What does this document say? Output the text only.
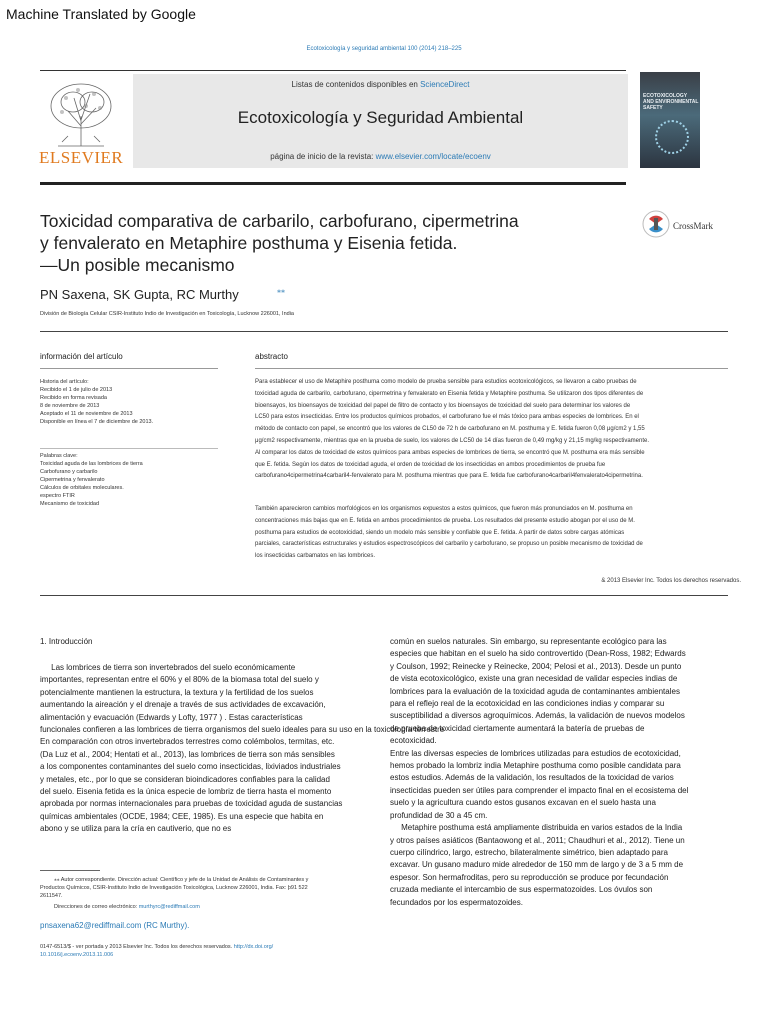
Machine Translated by Google
Ecotoxicología y seguridad ambiental 100 (2014) 218–225
ELSEVIER
Listas de contenidos disponibles en ScienceDirect
Ecotoxicología y Seguridad Ambiental
página de inicio de la revista: www.elsevier.com/locate/ecoenv
ECOTOXICOLOGY AND ENVIRONMENTAL SAFETY
Toxicidad comparativa de carbarilo, carbofurano, cipermetrina
y fenvalerato en Metaphire posthuma y Eisenia fetida.
—Un posible mecanismo
CrossMark
PN Saxena, SK Gupta, RC Murthy	⁎⁎
División de Biología Celular CSIR-Instituto Indio de Investigación en Toxicología, Lucknow 226001, India
información del artículo
Historia del artículo:
Recibido el 1 de julio de 2013
Recibido en forma revisada
8 de noviembre de 2013
Aceptado el 11 de noviembre de 2013
Disponible en línea el 7 de diciembre de 2013.
Palabras clave:
Toxicidad aguda de las lombrices de tierra
Carbofurano y carbarilo
Cipermetrina y fenvalerato
Cálculos de orbitales moleculares.
espectro FTIR
Mecanismo de toxicidad
abstracto
Para establecer el uso de Metaphire posthuma como modelo de prueba sensible para estudios ecotoxicológicos, se llevaron a cabo pruebas de
toxicidad aguda de carbarilo, carbofurano, cipermetrina y fenvalerato en Eisenia fetida y Metaphire posthuma. Se utilizaron dos tipos diferentes de
bioensayos, los bioensayos de toxicidad del papel de filtro de contacto y los bioensayos de toxicidad del suelo para determinar los valores de
LC50 para estos insecticidas. Entre los productos químicos probados, el carbofurano fue el más tóxico para ambas especies de lombrices. En el
método de contacto con papel, se encontró que los valores de CL50 de 72 h de carbofurano en M. posthuma y E. fetida fueron 0,08 μg/cm2 y 1,55
μg/cm2 respectivamente, mientras que en la prueba de suelo, los valores de LC50 de 14 días fueron de 0,49 mg/kg y 21,15 mg/kg respectivamente.
Al comparar los datos de toxicidad de estos químicos para ambas especies de lombrices de tierra, se encontró que M. posthuma era más sensible
que E. fetida. Según los datos de toxicidad aguda, el orden de toxicidad de los insecticidas en ambos procedimientos de prueba fue
carbofurano4cipermetrina4carbaril4-fenvalerato para M. posthuma mientras que para E. fetida fue carbofurano4carbaril4fenvalerato4cipermetrina.
También aparecieron cambios morfológicos en los organismos expuestos a estos químicos, que fueron más pronunciados en M. posthuma en
concentraciones más bajas que en E. fetida en ambos procedimientos de prueba. Los resultados del presente estudio abogan por el uso de M.
posthuma para estudios de ecotoxicidad, siendo un modelo más sensible y confiable que E. fetida. A partir de datos sobre cargas atómicas
parciales, características estructurales y estudios espectroscópicos del carbarilo y carbofurano, se propuso un posible mecanismo de toxicidad de
los insecticidas carbamatos en las lombrices.
& 2013 Elsevier Inc. Todos los derechos reservados.
1. Introducción
Las lombrices de tierra son invertebrados del suelo económicamente
importantes, representan entre el 60% y el 80% de la biomasa total del suelo y
potencialmente mantienen la estructura, la textura y la fertilidad de los suelos
aumentando la aireación y el drenaje a través de sus actividades de excavación,
alimentación y evacuación (Edwards y Lofty, 1977 ) . Estas características
funcionales confieren a las lombrices de tierra organismos del suelo ideales para su uso en la toxicología terrestre
En comparación con otros invertebrados terrestres como colémbolos, termitas, etc.
(Da Luz et al., 2004; Hentati et al., 2013), las lombrices de tierra son más sensibles
a los componentes contaminantes del suelo como insecticidas, lixiviados industriales
y metales, etc., por lo que se consideran bioindicadores confiables para la calidad
del suelo. Eisenia fetida es la única especie de lombriz de tierra hasta el momento
aprobada por normas internacionales para pruebas de toxicidad aguda de sustancias
químicas ambientales (OCDE, 1984; CEE, 1985). Es una especie que habita en
abono y se utiliza para la cría en cautiverio, que no es
común en suelos naturales. Sin embargo, su representante ecológico para las
especies que habitan en el suelo ha sido controvertido (Dean-Ross, 1982; Edwards
y Coulson, 1992; Reinecke y Reinecke, 2004; Pelosi et al., 2013). Desde un punto
de vista ecotoxicológico, existe una gran necesidad de validar especies indias de
lombrices para la evaluación de la toxicidad aguda de contaminantes ambientales
para el reflejo real de la ecotoxicidad en las condiciones indias y comparar su
susceptibilidad a diversos agroquímicos. Además, la validación de nuevos modelos
de prueba de toxicidad ciertamente aumentará la batería de pruebas de
ecotoxicidad.
Entre las diversas especies de lombrices utilizadas para estudios de ecotoxicidad,
hemos probado la lombriz india Metaphire posthuma como posible candidata para
estos estudios. Además de la validación, los resultados de la toxicidad de varios
insecticidas pueden ser útiles para comprender el impacto final en el ecosistema del
suelo y la agricultura cuando estos gusanos excavan en el suelo hasta una
profundidad de 30 a 45 cm.
Metaphire posthuma está ampliamente distribuida en varios estados de la India
y otros países asiáticos (Bantaowong et al., 2011; Chaudhuri et al., 2012). Tiene un
cuerpo cilíndrico, largo, estrecho, bilateralmente simétrico, bien adaptado para
excavar. Un gusano maduro mide alrededor de 150 mm de largo y de 3 a 5 mm de
espesor. Son hermafroditas, pero su reproducción se produce por fecundación
cruzada mediante el intercambio de sus espermatozoides. Los óvulos son
fecundados por los espermatozoides.
⁎⁎ Autor correspondiente. Dirección actual: Científico y jefe de la Unidad de Análisis de Contaminantes y
Productos Químicos, CSIR-Instituto Indio de Investigación Toxicológica, Lucknow 226001, India. Fax: þ91 522
2611547.
Direcciones de correo electrónico: murthyrc@rediffmail.com
pnsaxena62@rediffmail.com (RC Murthy).
0147-6513/$ - ver portada y 2013 Elsevier Inc. Todos los derechos reservados. http://dx.doi.org/
10.1016/j.ecoenv.2013.11.006
